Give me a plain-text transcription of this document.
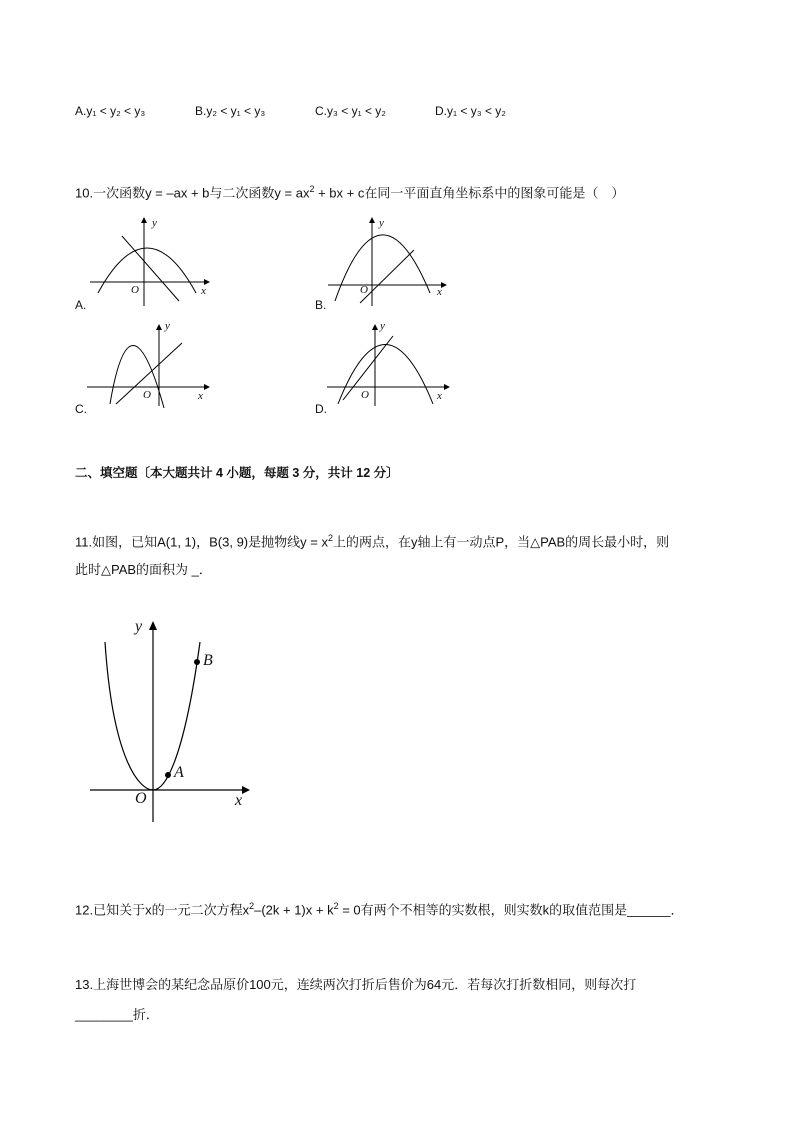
A.y₁ < y₂ < y₃	B.y₂ < y₁ < y₃	C.y₃ < y₁ < y₂	D.y₁ < y₃ < y₂
10.一次函数y = –ax + b与二次函数$y = ax^2$ + bx + c在同一平面直角坐标系中的图象可能是（　）
y
x
O
A.
y
x
O
B.
y
x
O
C.
y
x
O
D.
二、填空题〔本大题共计 4 小题，每题 3 分，共计 12 分〕
11.如图，已知A(1, 1)，B(3, 9)是抛物线$y = x^2$上的两点，在y轴上有一动点P，当△PAB的周长最小时，则
此时△PAB的面积为 _．
y
x
O
A
B
12.已知关于x的一元二次方程$x^2-(2k + 1)x + k^2 = 0$有两个不相等的实数根，则实数k的取值范围是______．
13.上海世博会的某纪念品原价100元，连续两次打折后售价为64元．若每次打折数相同，则每次打
________折．
